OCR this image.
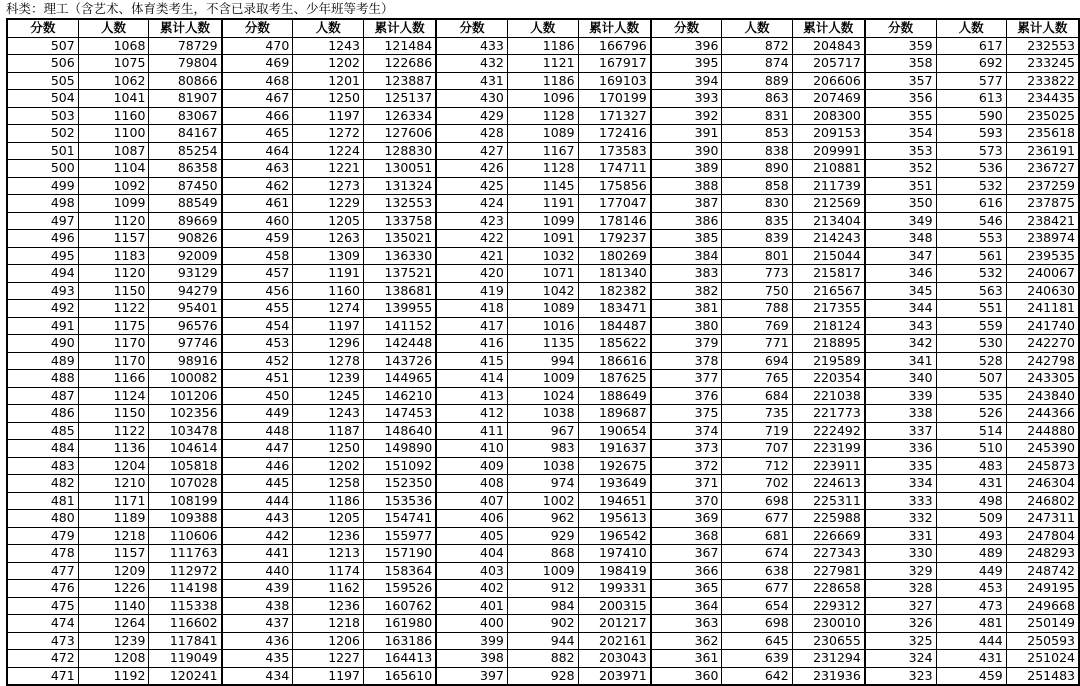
科类：理工（含艺术、体育类考生，不含已录取考生、少年班等考生）
分数	人数	累计人数	分数	人数	累计人数	分数	人数	累计人数	分数	人数	累计人数	分数	人数	累计人数
507	1068	78729	470	1243	121484	433	1186	166796	396	872	204843	359	617	232553
506	1075	79804	469	1202	122686	432	1121	167917	395	874	205717	358	692	233245
505	1062	80866	468	1201	123887	431	1186	169103	394	889	206606	357	577	233822
504	1041	81907	467	1250	125137	430	1096	170199	393	863	207469	356	613	234435
503	1160	83067	466	1197	126334	429	1128	171327	392	831	208300	355	590	235025
502	1100	84167	465	1272	127606	428	1089	172416	391	853	209153	354	593	235618
501	1087	85254	464	1224	128830	427	1167	173583	390	838	209991	353	573	236191
500	1104	86358	463	1221	130051	426	1128	174711	389	890	210881	352	536	236727
499	1092	87450	462	1273	131324	425	1145	175856	388	858	211739	351	532	237259
498	1099	88549	461	1229	132553	424	1191	177047	387	830	212569	350	616	237875
497	1120	89669	460	1205	133758	423	1099	178146	386	835	213404	349	546	238421
496	1157	90826	459	1263	135021	422	1091	179237	385	839	214243	348	553	238974
495	1183	92009	458	1309	136330	421	1032	180269	384	801	215044	347	561	239535
494	1120	93129	457	1191	137521	420	1071	181340	383	773	215817	346	532	240067
493	1150	94279	456	1160	138681	419	1042	182382	382	750	216567	345	563	240630
492	1122	95401	455	1274	139955	418	1089	183471	381	788	217355	344	551	241181
491	1175	96576	454	1197	141152	417	1016	184487	380	769	218124	343	559	241740
490	1170	97746	453	1296	142448	416	1135	185622	379	771	218895	342	530	242270
489	1170	98916	452	1278	143726	415	994	186616	378	694	219589	341	528	242798
488	1166	100082	451	1239	144965	414	1009	187625	377	765	220354	340	507	243305
487	1124	101206	450	1245	146210	413	1024	188649	376	684	221038	339	535	243840
486	1150	102356	449	1243	147453	412	1038	189687	375	735	221773	338	526	244366
485	1122	103478	448	1187	148640	411	967	190654	374	719	222492	337	514	244880
484	1136	104614	447	1250	149890	410	983	191637	373	707	223199	336	510	245390
483	1204	105818	446	1202	151092	409	1038	192675	372	712	223911	335	483	245873
482	1210	107028	445	1258	152350	408	974	193649	371	702	224613	334	431	246304
481	1171	108199	444	1186	153536	407	1002	194651	370	698	225311	333	498	246802
480	1189	109388	443	1205	154741	406	962	195613	369	677	225988	332	509	247311
479	1218	110606	442	1236	155977	405	929	196542	368	681	226669	331	493	247804
478	1157	111763	441	1213	157190	404	868	197410	367	674	227343	330	489	248293
477	1209	112972	440	1174	158364	403	1009	198419	366	638	227981	329	449	248742
476	1226	114198	439	1162	159526	402	912	199331	365	677	228658	328	453	249195
475	1140	115338	438	1236	160762	401	984	200315	364	654	229312	327	473	249668
474	1264	116602	437	1218	161980	400	902	201217	363	698	230010	326	481	250149
473	1239	117841	436	1206	163186	399	944	202161	362	645	230655	325	444	250593
472	1208	119049	435	1227	164413	398	882	203043	361	639	231294	324	431	251024
471	1192	120241	434	1197	165610	397	928	203971	360	642	231936	323	459	251483
